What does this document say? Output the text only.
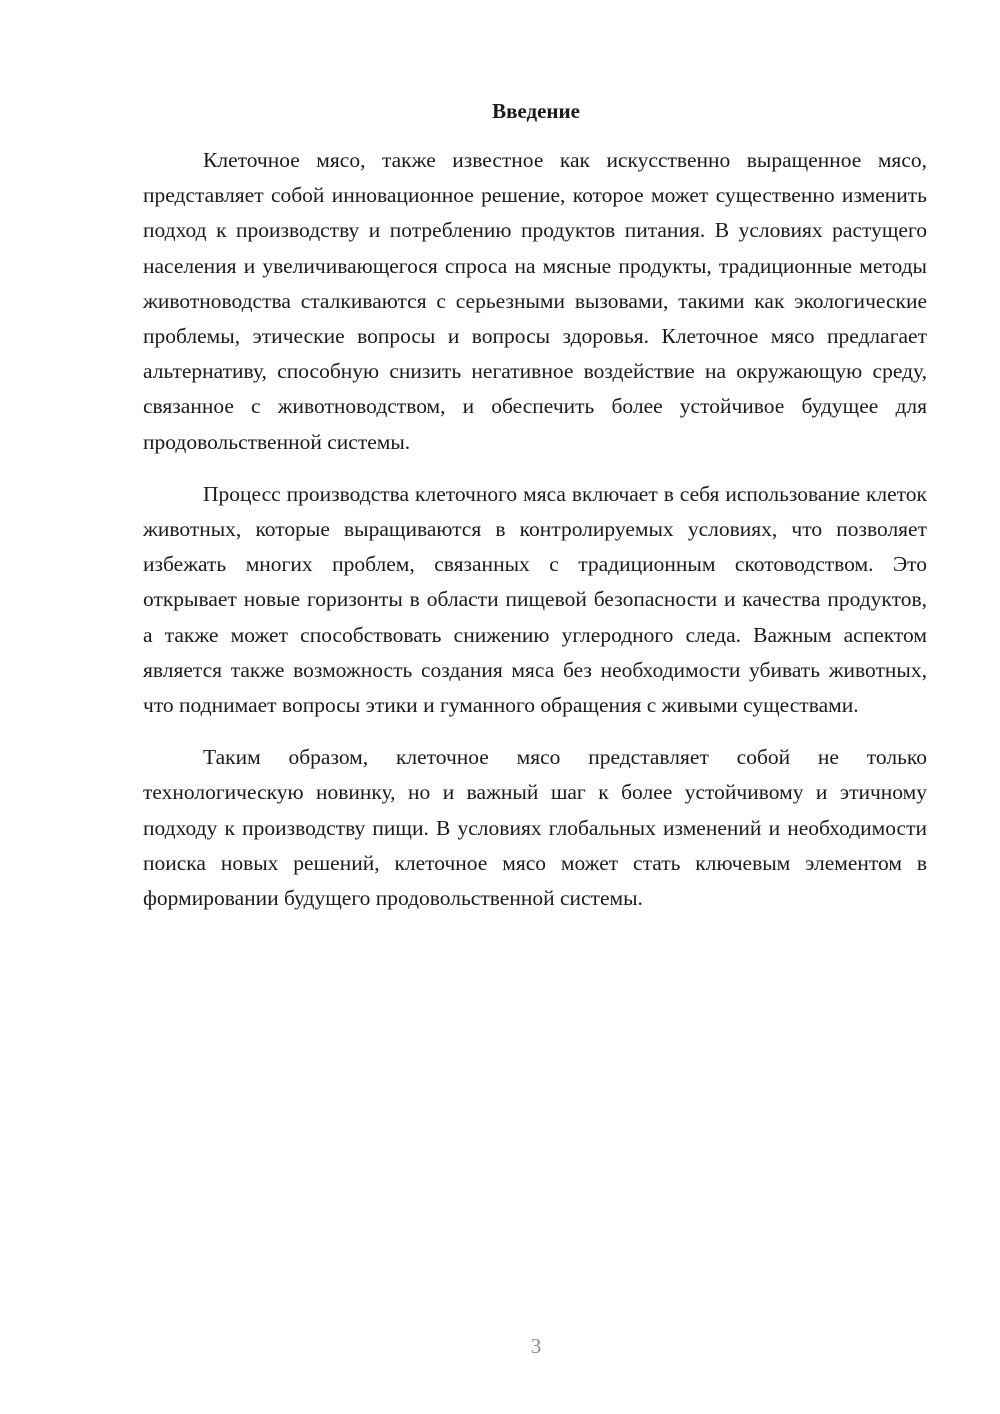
Введение

Клеточное мясо, также известное как искусственно выращенное мясо, представляет собой инновационное решение, которое может существенно изменить подход к производству и потреблению продуктов питания. В условиях растущего населения и увеличивающегося спроса на мясные продукты, традиционные методы животноводства сталкиваются с серьезными вызовами, такими как экологические проблемы, этические вопросы и вопросы здоровья. Клеточное мясо предлагает альтернативу, способную снизить негативное воздействие на окружающую среду, связанное с животноводством, и обеспечить более устойчивое будущее для продовольственной системы.

Процесс производства клеточного мяса включает в себя использование клеток животных, которые выращиваются в контролируемых условиях, что позволяет избежать многих проблем, связанных с традиционным скотоводством. Это открывает новые горизонты в области пищевой безопасности и качества продуктов, а также может способствовать снижению углеродного следа. Важным аспектом является также возможность создания мяса без необходимости убивать животных, что поднимает вопросы этики и гуманного обращения с живыми существами.

Таким образом, клеточное мясо представляет собой не только технологическую новинку, но и важный шаг к более устойчивому и этичному подходу к производству пищи. В условиях глобальных изменений и необходимости поиска новых решений, клеточное мясо может стать ключевым элементом в формировании будущего продовольственной системы.

3
